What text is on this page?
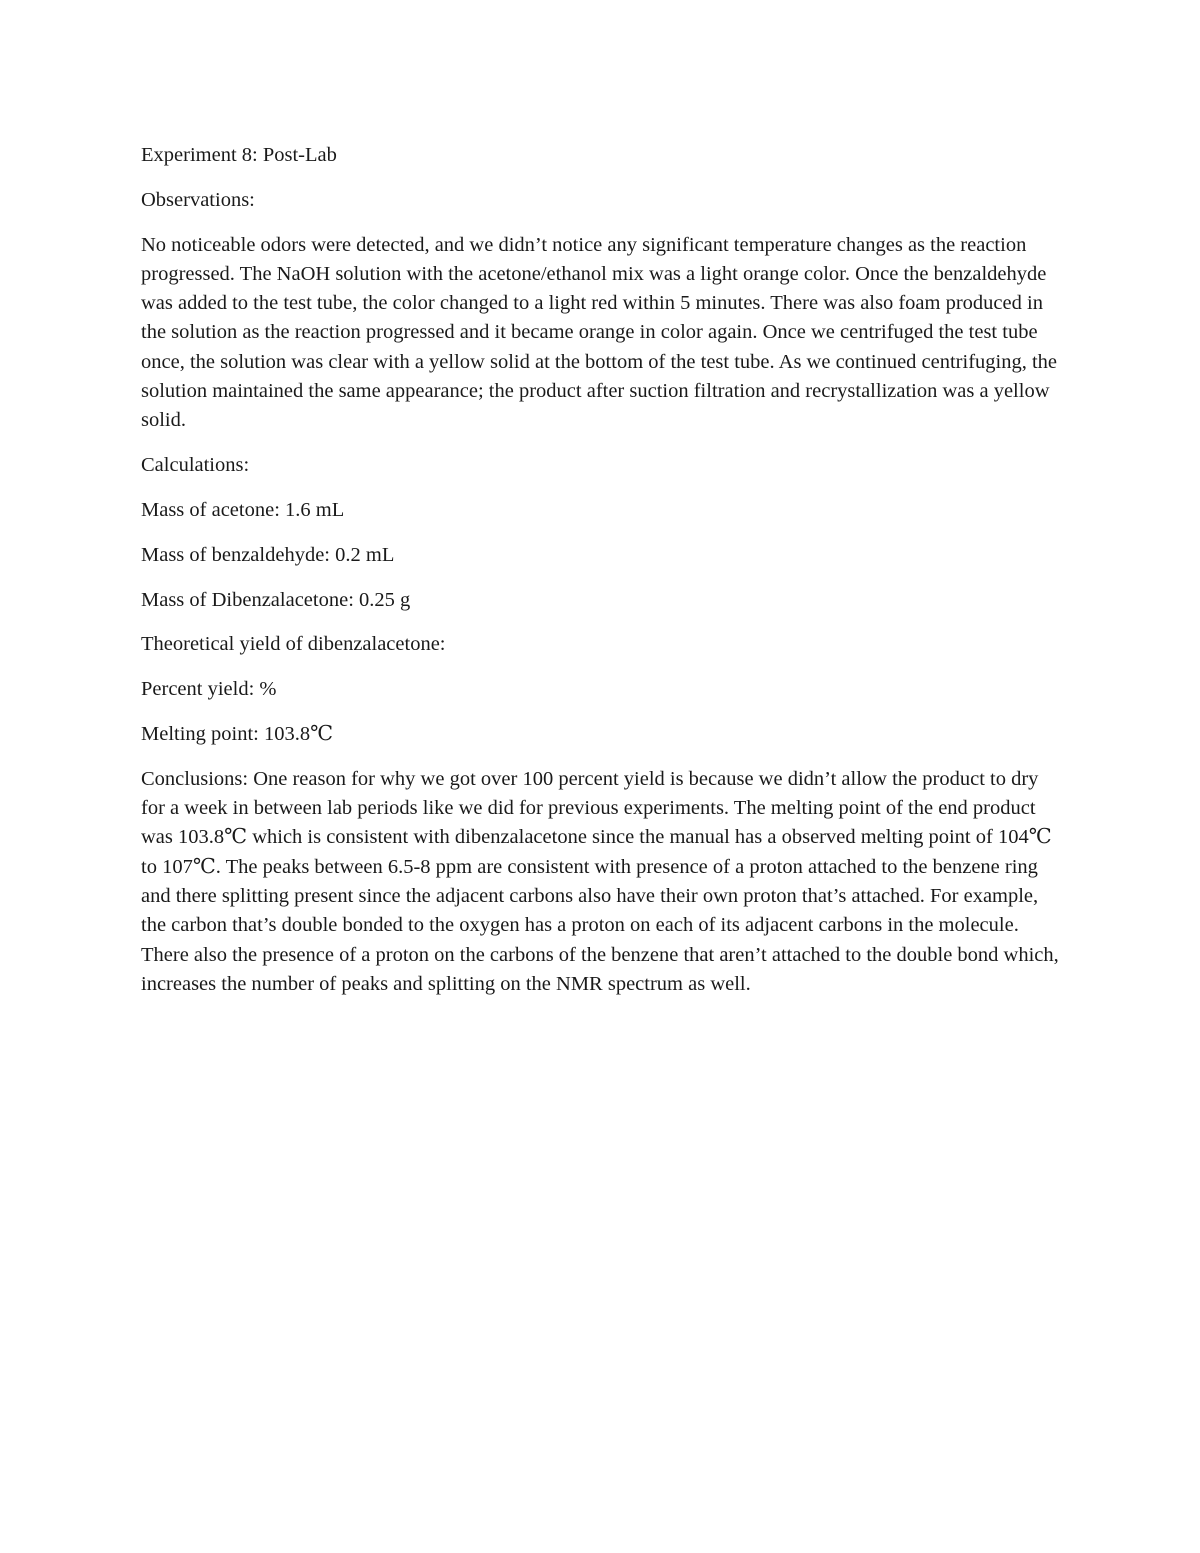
Experiment 8: Post-Lab

Observations:

No noticeable odors were detected, and we didn’t notice any significant temperature changes as the reaction progressed. The NaOH solution with the acetone/ethanol mix was a light orange color. Once the benzaldehyde was added to the test tube, the color changed to a light red within 5 minutes. There was also foam produced in the solution as the reaction progressed and it became orange in color again. Once we centrifuged the test tube once, the solution was clear with a yellow solid at the bottom of the test tube. As we continued centrifuging, the solution maintained the same appearance; the product after suction filtration and recrystallization was a yellow solid.

Calculations:

Mass of acetone: 1.6 mL

Mass of benzaldehyde: 0.2 mL

Mass of Dibenzalacetone: 0.25 g

Theoretical yield of dibenzalacetone:

Percent yield: %

Melting point: 103.8℃

Conclusions: One reason for why we got over 100 percent yield is because we didn’t allow the product to dry for a week in between lab periods like we did for previous experiments. The melting point of the end product was 103.8℃ which is consistent with dibenzalacetone since the manual has a observed melting point of 104℃ to 107℃. The peaks between 6.5-8 ppm are consistent with presence of a proton attached to the benzene ring and there splitting present since the adjacent carbons also have their own proton that’s attached. For example, the carbon that’s double bonded to the oxygen has a proton on each of its adjacent carbons in the molecule. There also the presence of a proton on the carbons of the benzene that aren’t attached to the double bond which, increases the number of peaks and splitting on the NMR spectrum as well.
